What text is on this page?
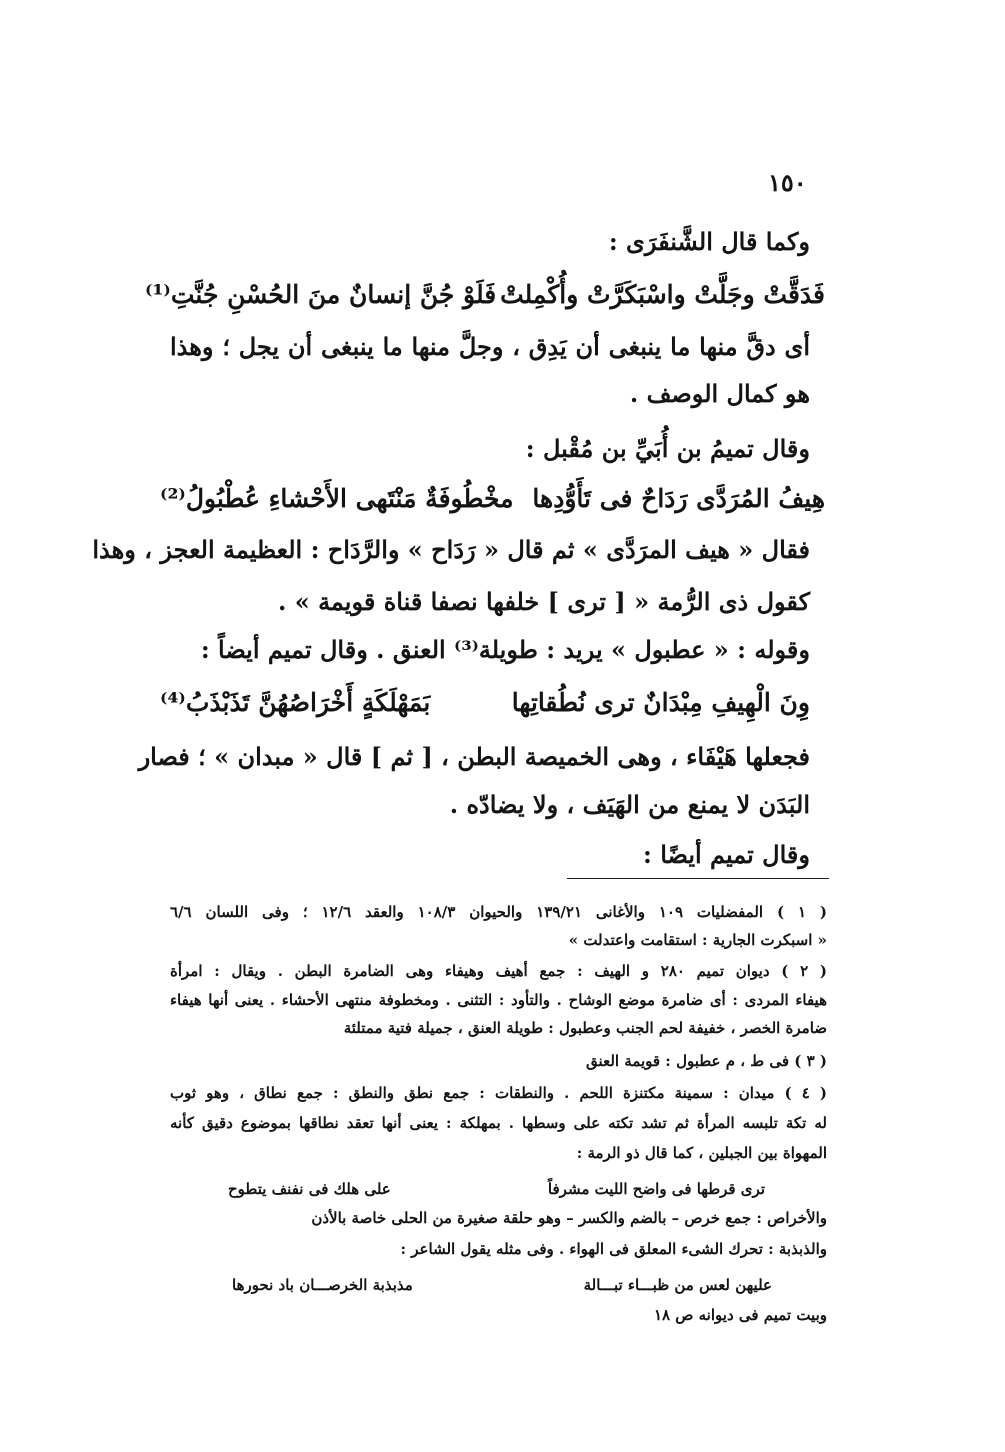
١٥٠
وكما قال الشَّنفَرَى :
أى دقَّ منها ما ينبغى أن يَدِق ، وجلَّ منها ما ينبغى أن يجل ؛ وهذا
هو كمال الوصف .
وقال تميمُ بن أُبَيِّ بن مُقْبل :
فقال « هيف المرَدَّى » ثم قال « رَدَاح » والرَّدَاح : العظيمة العجز ، وهذا
كقول ذى الرُّمة « [ ترى ] خلفها نصفا قناة قويمة » .
وقوله : « عطبول » يريد : طويلة⁽³⁾ العنق . وقال تميم أيضاً :
فجعلها هَيْفَاء ، وهى الخميصة البطن ، [ ثم ] قال « مبدان » ؛ فصار
البَدَن لا يمنع من الهَيَف ، ولا يضادّه .
وقال تميم أيضًا :
فَدَقَّتْ وجَلَّتْ واسْبَكَرَّتْ وأُكْمِلتْ
فَلَوْ جُنَّ إنسانٌ منَ الحُسْنِ جُنَّتِ⁽¹⁾
هِيفُ المُرَدَّى رَدَاحٌ فى تَأَوُّدِها
مخْطُوفَةٌ مَنْتَهى الأَحْشاءِ عُطْبُولُ⁽²⁾
وِنَ الْهِيفِ مِبْدَانٌ ترى نُطُقاتِها
بَمَهْلَكَةٍ أَخْرَاصُهُنَّ تَذَبْذَبُ⁽⁴⁾
( ١ ) المفضليات ١٠٩ والأغانى ١٣٩/٢١ والحيوان ١٠٨/٣ والعقد ١٢/٦ ؛ وفى اللسان ٦/٦
« اسبكرت الجارية : استقامت واعتدلت »
( ٢ ) ديوان تميم ٢٨٠ و الهيف : جمع أهيف وهيفاء وهى الضامرة البطن . ويقال : امرأة
هيفاء المردى : أى ضامرة موضع الوشاح . والتأود : التثنى . ومخطوفة منتهى الأحشاء . يعنى أنها هيفاء
ضامرة الخصر ، خفيفة لحم الجنب وعطبول : طويلة العنق ، جميلة فتية ممتلئة
( ٣ ) فى ط ، م عطبول : قويمة العنق
( ٤ ) ميدان : سمينة مكتنزة اللحم . والنطقات : جمع نطق والنطق : جمع نطاق ، وهو ثوب
له تكة تلبسه المرأة ثم تشد تكته على وسطها . بمهلكة : يعنى أنها تعقد نطاقها بموضوع دقيق كأنه
المهواة بين الجبلين ، كما قال ذو الرمة :
ترى قرطها فى واضح الليت مشرفاً
على هلك فى نفنف يتطوح
والأخراص : جمع خرص – بالضم والكسر – وهو حلقة صغيرة من الحلى خاصة بالأذن
والذبذبة : تحرك الشىء المعلق فى الهواء . وفى مثله يقول الشاعر :
عليهن لعس من ظبـــاء تبـــالة
مذبذبة الخرصـــان باد نحورها
وبيت تميم فى ديوانه ص ١٨
